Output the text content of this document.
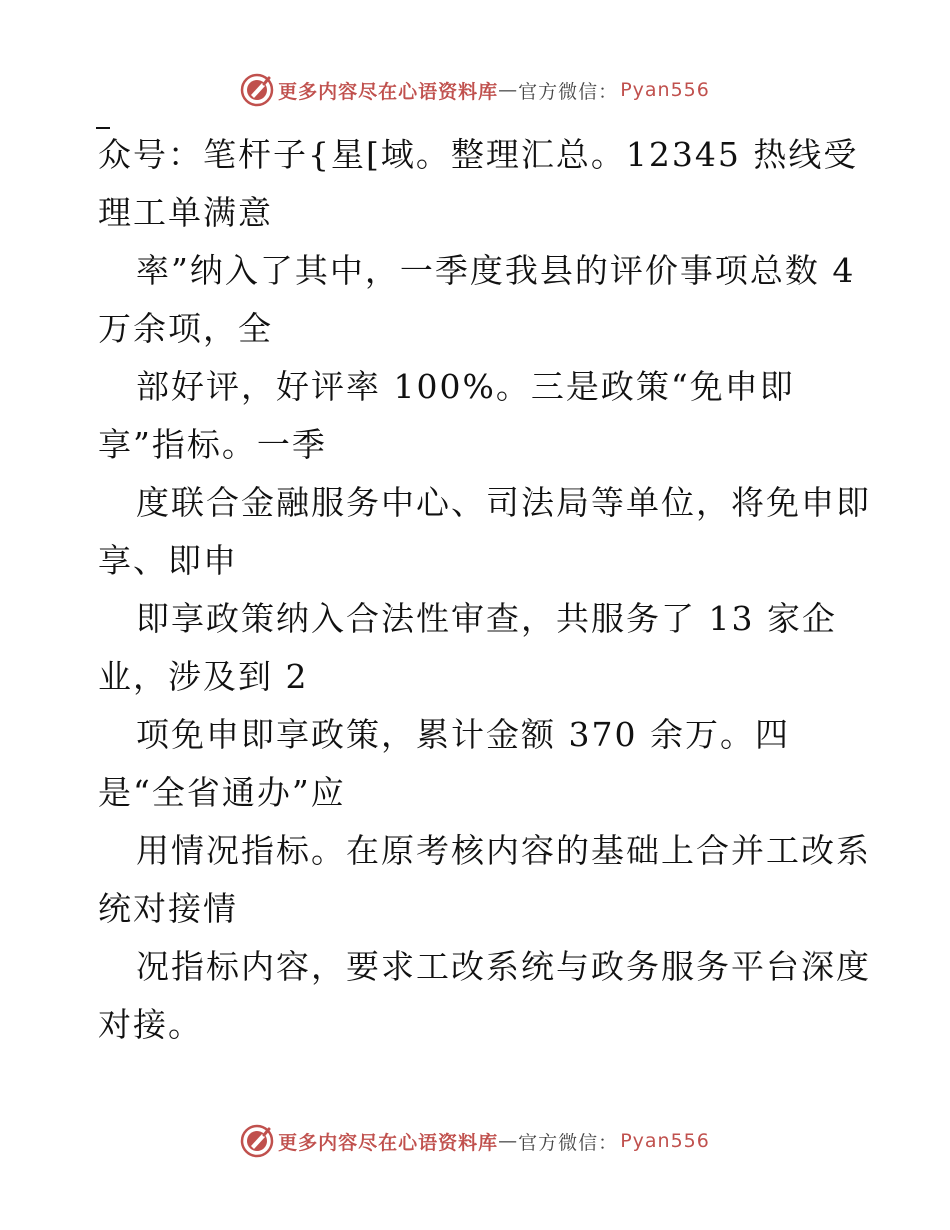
更多内容尽在心语资料库 — 官方微信： Pyan556

众号：笔杆子{星[域。整理汇总。12345 热线受

理工单满意

率”纳入了其中，一季度我县的评价事项总数 4

万余项，全

部好评，好评率 100%。三是政策“免申即

享”指标。一季

度联合金融服务中心、司法局等单位，将免申即

享、即申

即享政策纳入合法性审查，共服务了 13 家企

业，涉及到 2

项免申即享政策，累计金额 370 余万。四

是“全省通办”应

用情况指标。在原考核内容的基础上合并工改系

统对接情

况指标内容，要求工改系统与政务服务平台深度

对接。

更多内容尽在心语资料库 — 官方微信： Pyan556
